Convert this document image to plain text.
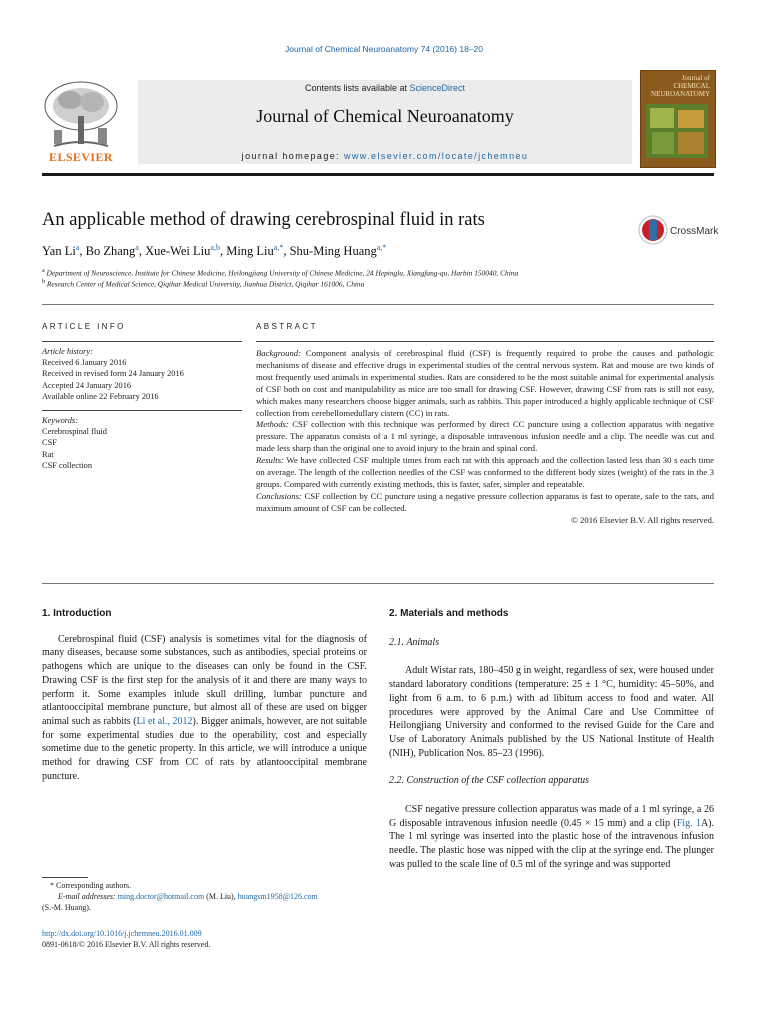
Journal of Chemical Neuroanatomy 74 (2016) 18–20
Contents lists available at ScienceDirect
Journal of Chemical Neuroanatomy
journal homepage: www.elsevier.com/locate/jchemneu
ELSEVIER
Journal of CHEMICAL
NEUROANATOMY
An applicable method of drawing cerebrospinal fluid in rats
CrossMark
Yan Li$^a$, Bo Zhang$^a$, Xue-Wei Liu$^{a,b}$, Ming Liu$^{a,*}$, Shu-Ming Huang$^{a,*}$
$^a$ Department of Neuroscience, Institute for Chinese Medicine, Heilongjiang University of Chinese Medicine, 24 Hepinglu, Xiangfang-qu, Harbin 150040, China
$^b$ Research Center of Medical Science, Qiqihar Medical University, Jianhua District, Qiqihar 161006, China
ARTICLE INFO
Article history:
Received 6 January 2016
Received in revised form 24 January 2016
Accepted 24 January 2016
Available online 22 February 2016
Keywords:
Cerebrospinal fluid
CSF
Rat
CSF collection
ABSTRACT

Background: Component analysis of cerebrospinal fluid (CSF) is frequently required to probe the causes and pathologic mechanisms of disease and effective drugs in experimental studies of the central nervous system. Rat and mouse are two kinds of most frequently used animals in experimental studies. Rats are considered to be the most suitable animal for experimental analysis of CSF both on cost and manipulability as mice are too small for drawing CSF. However, drawing CSF from rats is still not easy, which makes many researchers choose bigger animals, such as rabbits. This paper introduced a highly applicable technique of CSF collection from cerebellomedullary cistern (CC) in rats.

Methods: CSF collection with this technique was performed by direct CC puncture using a collection apparatus with negative pressure. The apparatus consists of a 1 ml syringe, a disposable intravenous infusion needle and a clip. The needle was cut and made less sharp than the original one to avoid injury to the brain and spinal cord.

Results: We have collected CSF multiple times from each rat with this approach and the collection lasted less than 30 s each time on average. The length of the collection needles of the CSF was conformed to the different body sizes (weight) of the rats in the 3 groups. Compared with currently existing methods, this is faster, safer, simpler and repeatable.

Conclusions: CSF collection by CC puncture using a negative pressure collection apparatus is fast to operate, safe to the rats, and maximum amount of CSF can be collected.

© 2016 Elsevier B.V. All rights reserved.

1. Introduction

Cerebrospinal fluid (CSF) analysis is sometimes vital for the diagnosis of many diseases, because some substances, such as antibodies, special proteins or pathogens which are unique to the diseases can only be found in the CSF. Drawing CSF is the first step for the analysis of it and there are many ways to perform it. Some examples inlude skull drilling, lumbar puncture and atlantooccipital membrane puncture, but almost all of these are used on bigger animal such as rabbits (Li et al., 2012). Bigger animals, however, are not suitable for some experimental studies due to the operability, cost and especially sometime due to the genetic property. In this article, we will introduce a unique method for drawing CSF from CC of rats by atlantooccipital membrane puncture.

2. Materials and methods
2.1. Animals

Adult Wistar rats, 180–450 g in weight, regardless of sex, were housed under standard laboratory conditions (temperature: 25 ± 1 °C, humidity: 45–50%, and light from 6 a.m. to 6 p.m.) with ad libitum access to food and water. All procedures were approved by the Animal Care and Use Committee of Heilongjiang University and conformed to the revised Guide for the Care and Use of Laboratory Animals published by the US National Institute of Health (NIH), Publication Nos. 85–23 (1996).

2.2. Construction of the CSF collection apparatus

CSF negative pressure collection apparatus was made of a 1 ml syringe, a 26 G disposable intravenous infusion needle (0.45 × 15 mm) and a clip (Fig. 1A). The 1 ml syringe was inserted into the plastic hose of the intravenous infusion needle. The plastic hose was nipped with the clip at the syringe end. The plunger was pulled to the scale line of 0.5 ml of the syringe and was supported

* Corresponding authors.
E-mail addresses: ming.doctor@hotmail.com (M. Liu), huangsm1958@126.com
(S.-M. Huang).
http://dx.doi.org/10.1016/j.jchemneu.2016.01.009
0891-0618/© 2016 Elsevier B.V. All rights reserved.
